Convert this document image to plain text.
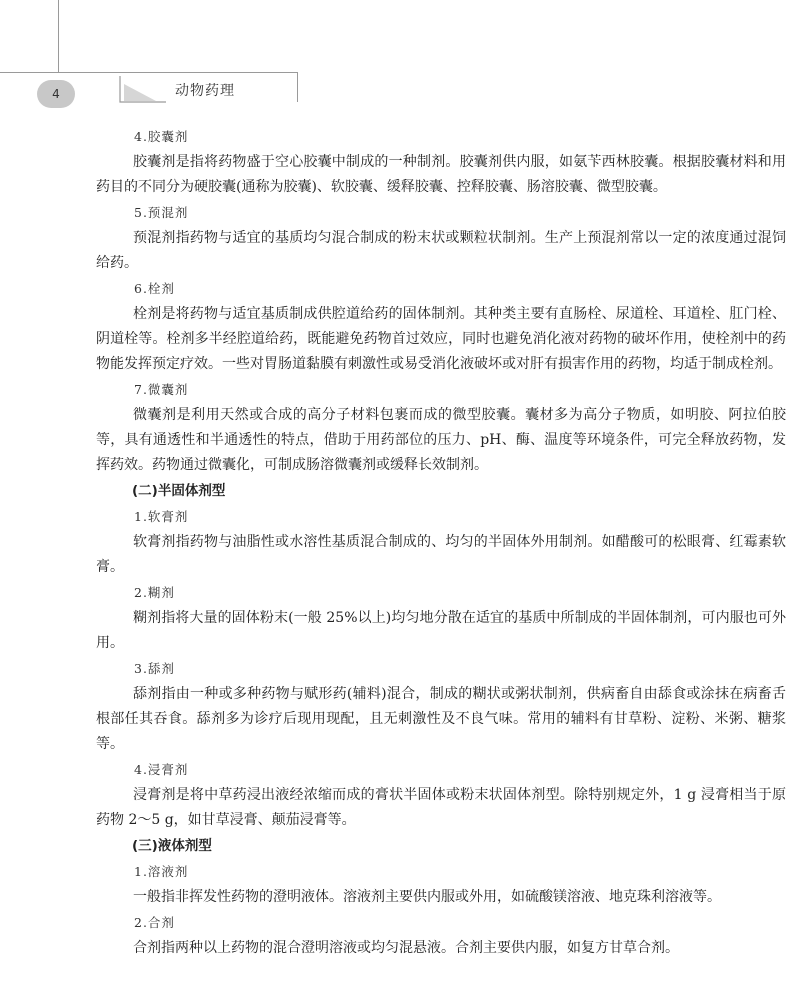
4	动物药理
4.胶囊剂

胶囊剂是指将药物盛于空心胶囊中制成的一种制剂。胶囊剂供内服，如氨苄西林胶囊。根据胶囊材料和用药目的不同分为硬胶囊(通称为胶囊)、软胶囊、缓释胶囊、控释胶囊、肠溶胶囊、微型胶囊。

5.预混剂

预混剂指药物与适宜的基质均匀混合制成的粉末状或颗粒状制剂。生产上预混剂常以一定的浓度通过混饲给药。

6.栓剂

栓剂是将药物与适宜基质制成供腔道给药的固体制剂。其种类主要有直肠栓、尿道栓、耳道栓、肛门栓、阴道栓等。栓剂多半经腔道给药，既能避免药物首过效应，同时也避免消化液对药物的破坏作用，使栓剂中的药物能发挥预定疗效。一些对胃肠道黏膜有刺激性或易受消化液破坏或对肝有损害作用的药物，均适于制成栓剂。

7.微囊剂

微囊剂是利用天然或合成的高分子材料包裹而成的微型胶囊。囊材多为高分子物质，如明胶、阿拉伯胶等，具有通透性和半通透性的特点，借助于用药部位的压力、pH、酶、温度等环境条件，可完全释放药物，发挥药效。药物通过微囊化，可制成肠溶微囊剂或缓释长效制剂。

(二)半固体剂型
1.软膏剂

软膏剂指药物与油脂性或水溶性基质混合制成的、均匀的半固体外用制剂。如醋酸可的松眼膏、红霉素软膏。

2.糊剂

糊剂指将大量的固体粉末(一般 25%以上)均匀地分散在适宜的基质中所制成的半固体制剂，可内服也可外用。

3.舔剂

舔剂指由一种或多种药物与赋形药(辅料)混合，制成的糊状或粥状制剂，供病畜自由舔食或涂抹在病畜舌根部任其吞食。舔剂多为诊疗后现用现配，且无刺激性及不良气味。常用的辅料有甘草粉、淀粉、米粥、糖浆等。

4.浸膏剂

浸膏剂是将中草药浸出液经浓缩而成的膏状半固体或粉末状固体剂型。除特别规定外，1 g 浸膏相当于原药物 2～5 g，如甘草浸膏、颠茄浸膏等。

(三)液体剂型
1.溶液剂

一般指非挥发性药物的澄明液体。溶液剂主要供内服或外用，如硫酸镁溶液、地克珠利溶液等。

2.合剂

合剂指两种以上药物的混合澄明溶液或均匀混悬液。合剂主要供内服，如复方甘草合剂。
